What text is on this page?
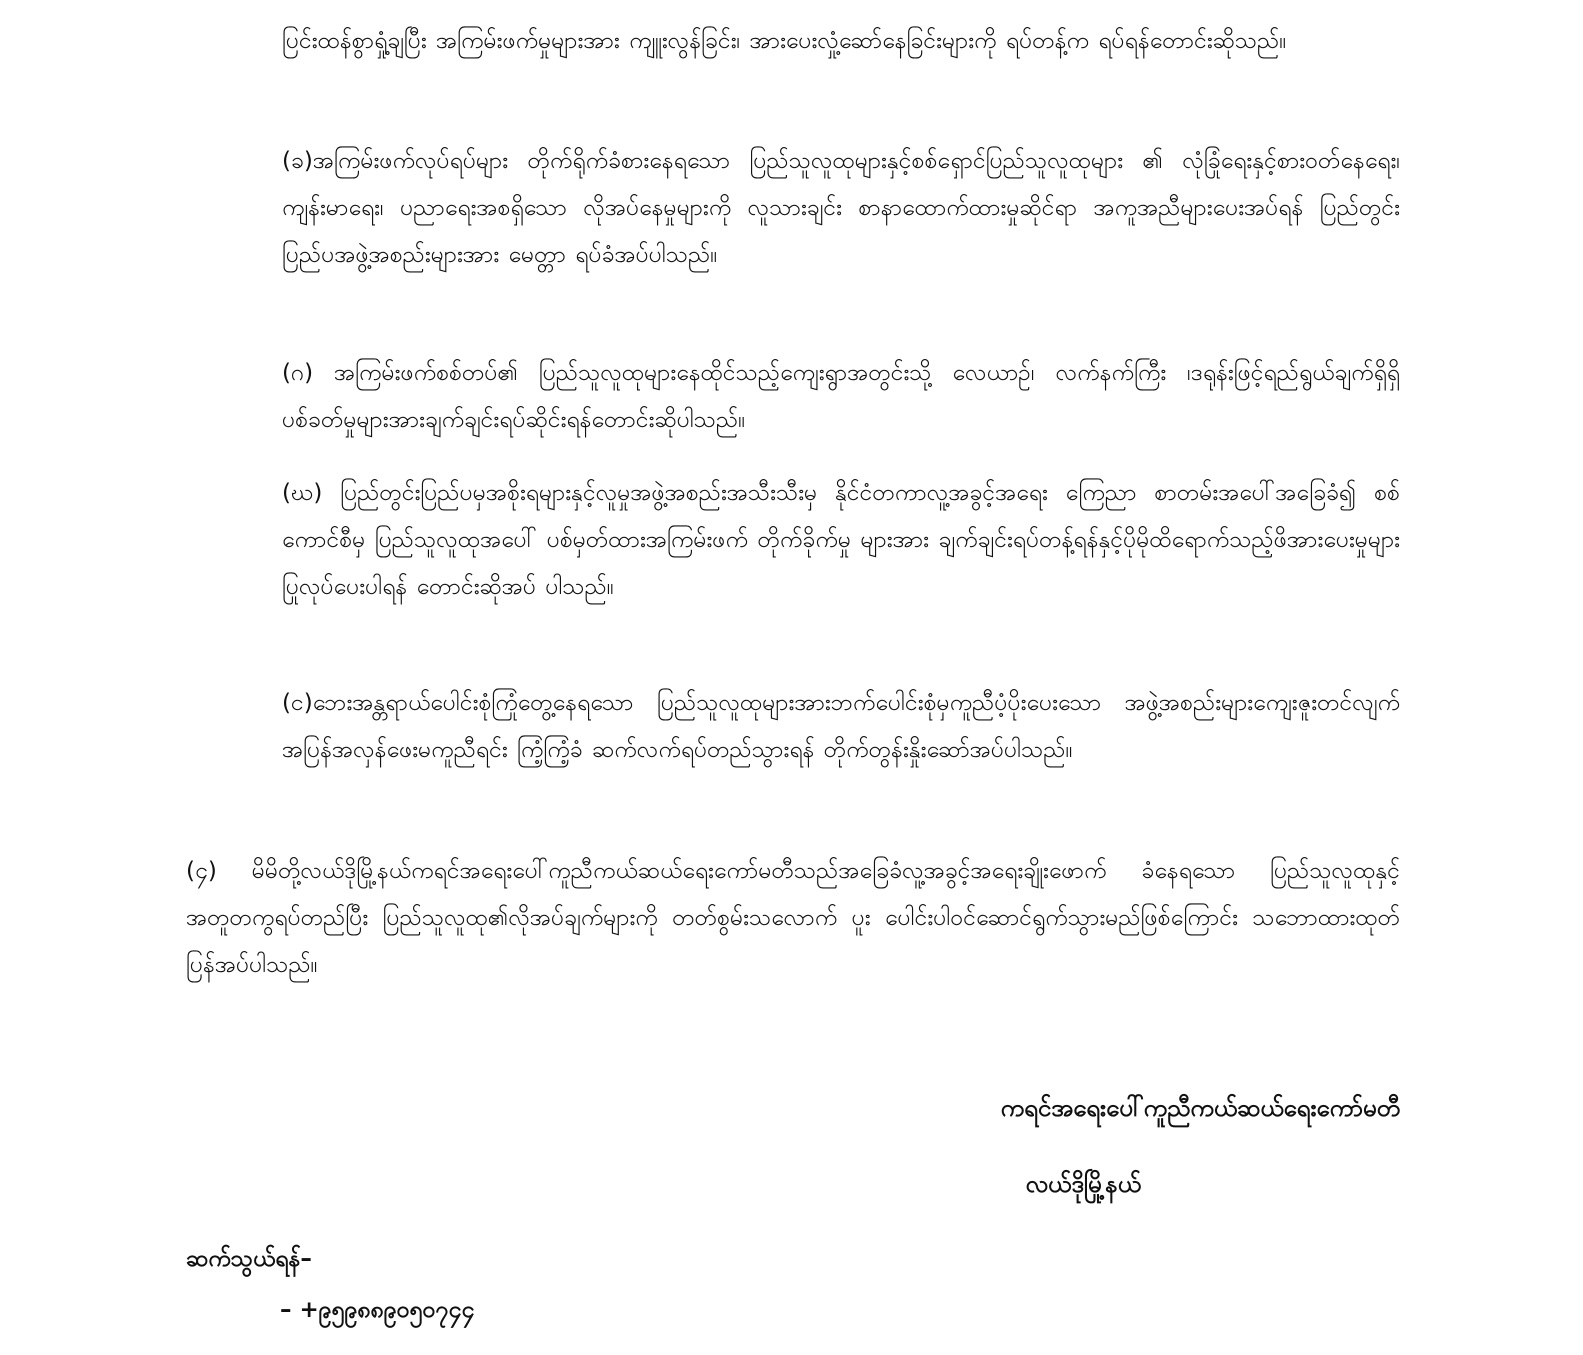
ပြင်းထန်စွာရှုံ့ချပြီး အကြမ်းဖက်မှုများအား ကျူးလွန်ခြင်း၊ အားပေးလှုံ့ဆော်နေခြင်းများကို ရပ်တန့်က ရပ်ရန်တောင်းဆိုသည်။

(ခ)အကြမ်းဖက်လုပ်ရပ်များ တိုက်ရိုက်ခံစားနေရသော ပြည်သူလူထုများနှင့်စစ်ရှောင်ပြည်သူလူထုများ ၏ လုံခြုံရေးနှင့်စားဝတ်နေရေး၊ ကျန်းမာရေး၊ ပညာရေးအစရှိသော လိုအပ်နေမှုများကို လူသားချင်း စာနာထောက်ထားမှုဆိုင်ရာ အကူအညီများပေးအပ်ရန် ပြည်တွင်းပြည်ပအဖွဲ့အစည်းများအား မေတ္တာ ရပ်ခံအပ်ပါသည်။

(ဂ) အကြမ်းဖက်စစ်တပ်၏ ပြည်သူလူထုများနေထိုင်သည့်ကျေးရွာအတွင်းသို့ လေယာဉ်၊ လက်နက်ကြီး ၊ဒရုန်းဖြင့်ရည်ရွယ်ချက်ရှိရှိပစ်ခတ်မှုများအားချက်ချင်းရပ်ဆိုင်းရန်တောင်းဆိုပါသည်။

(ဃ) ပြည်တွင်းပြည်ပမှအစိုးရများနှင့်လူမှုအဖွဲ့အစည်းအသီးသီးမှ နိုင်ငံတကာလူ့အခွင့်အရေး ကြေညာ စာတမ်းအပေါ်အခြေခံ၍ စစ်ကောင်စီမှ ပြည်သူလူထုအပေါ် ပစ်မှတ်ထားအကြမ်းဖက် တိုက်ခိုက်မှု များအား ချက်ချင်းရပ်တန့်ရန်နှင့်ပိုမိုထိရောက်သည့်ဖိအားပေးမှုများပြုလုပ်ပေးပါရန် တောင်းဆိုအပ် ပါသည်။

(င)ဘေးအန္တရာယ်ပေါင်းစုံကြုံတွေ့နေရသော ပြည်သူလူထုများအားဘက်ပေါင်းစုံမှကူညီပံ့ပိုးပေးသော အဖွဲ့အစည်းများကျေးဇူးတင်လျက် အပြန်အလှန်ဖေးမကူညီရင်း ကြံ့ကြံ့ခံ ဆက်လက်ရပ်တည်သွားရန် တိုက်တွန်းနှိုးဆော်အပ်ပါသည်။

(၄) မိမိတို့လယ်ဒိုမြို့နယ်ကရင်အရေးပေါ်ကူညီကယ်ဆယ်ရေးကော်မတီသည်အခြေခံလူ့အခွင့်အရေးချိုးဖောက် ခံနေရသော ပြည်သူလူထုနှင့်အတူတကွရပ်တည်ပြီး ပြည်သူလူထု၏လိုအပ်ချက်များကို တတ်စွမ်းသလောက် ပူး ပေါင်းပါဝင်ဆောင်ရွက်သွားမည်ဖြစ်ကြောင်း သဘောထားထုတ်ပြန်အပ်ပါသည်။

ကရင်အရေးပေါ်ကူညီကယ်ဆယ်ရေးကော်မတီ

လယ်ဒိုမြို့နယ်

ဆက်သွယ်ရန်–

– +၉၅၉၈၈၉၀၅၀၇၄၄
